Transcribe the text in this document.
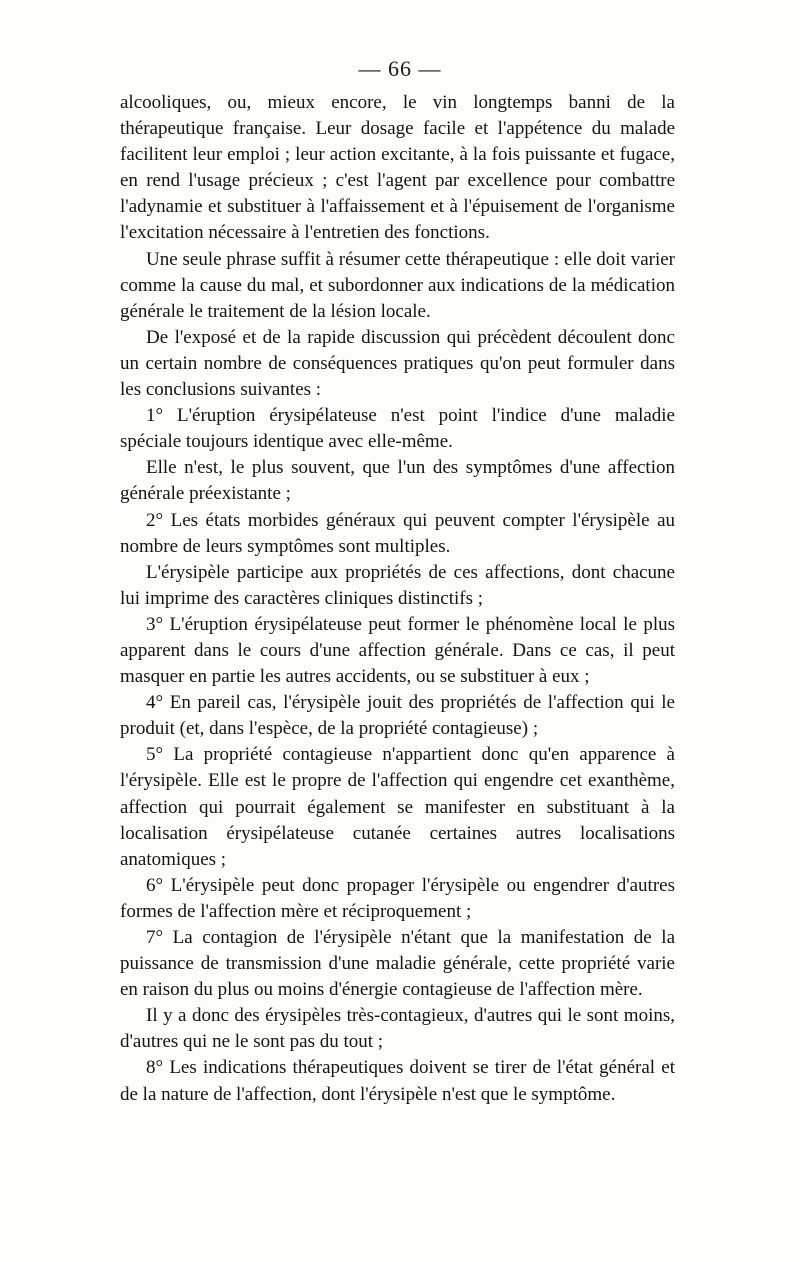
— 66 —

alcooliques, ou, mieux encore, le vin longtemps banni de la thérapeutique française. Leur dosage facile et l'appétence du malade facilitent leur emploi ; leur action excitante, à la fois puissante et fugace, en rend l'usage précieux ; c'est l'agent par excellence pour combattre l'adynamie et substituer à l'affaissement et à l'épuisement de l'organisme l'excitation nécessaire à l'entretien des fonctions.

Une seule phrase suffit à résumer cette thérapeutique : elle doit varier comme la cause du mal, et subordonner aux indications de la médication générale le traitement de la lésion locale.

De l'exposé et de la rapide discussion qui précèdent découlent donc un certain nombre de conséquences pratiques qu'on peut formuler dans les conclusions suivantes :

1° L'éruption érysipélateuse n'est point l'indice d'une maladie spéciale toujours identique avec elle-même.

Elle n'est, le plus souvent, que l'un des symptômes d'une affection générale préexistante ;

2° Les états morbides généraux qui peuvent compter l'érysipèle au nombre de leurs symptômes sont multiples.

L'érysipèle participe aux propriétés de ces affections, dont chacune lui imprime des caractères cliniques distinctifs ;

3° L'éruption érysipélateuse peut former le phénomène local le plus apparent dans le cours d'une affection générale. Dans ce cas, il peut masquer en partie les autres accidents, ou se substituer à eux ;

4° En pareil cas, l'érysipèle jouit des propriétés de l'affection qui le produit (et, dans l'espèce, de la propriété contagieuse) ;

5° La propriété contagieuse n'appartient donc qu'en apparence à l'érysipèle. Elle est le propre de l'affection qui engendre cet exanthème, affection qui pourrait également se manifester en substituant à la localisation érysipélateuse cutanée certaines autres localisations anatomiques ;

6° L'érysipèle peut donc propager l'érysipèle ou engendrer d'autres formes de l'affection mère et réciproquement ;

7° La contagion de l'érysipèle n'étant que la manifestation de la puissance de transmission d'une maladie générale, cette propriété varie en raison du plus ou moins d'énergie contagieuse de l'affection mère.

Il y a donc des érysipèles très-contagieux, d'autres qui le sont moins, d'autres qui ne le sont pas du tout ;

8° Les indications thérapeutiques doivent se tirer de l'état général et de la nature de l'affection, dont l'érysipèle n'est que le symptôme.
